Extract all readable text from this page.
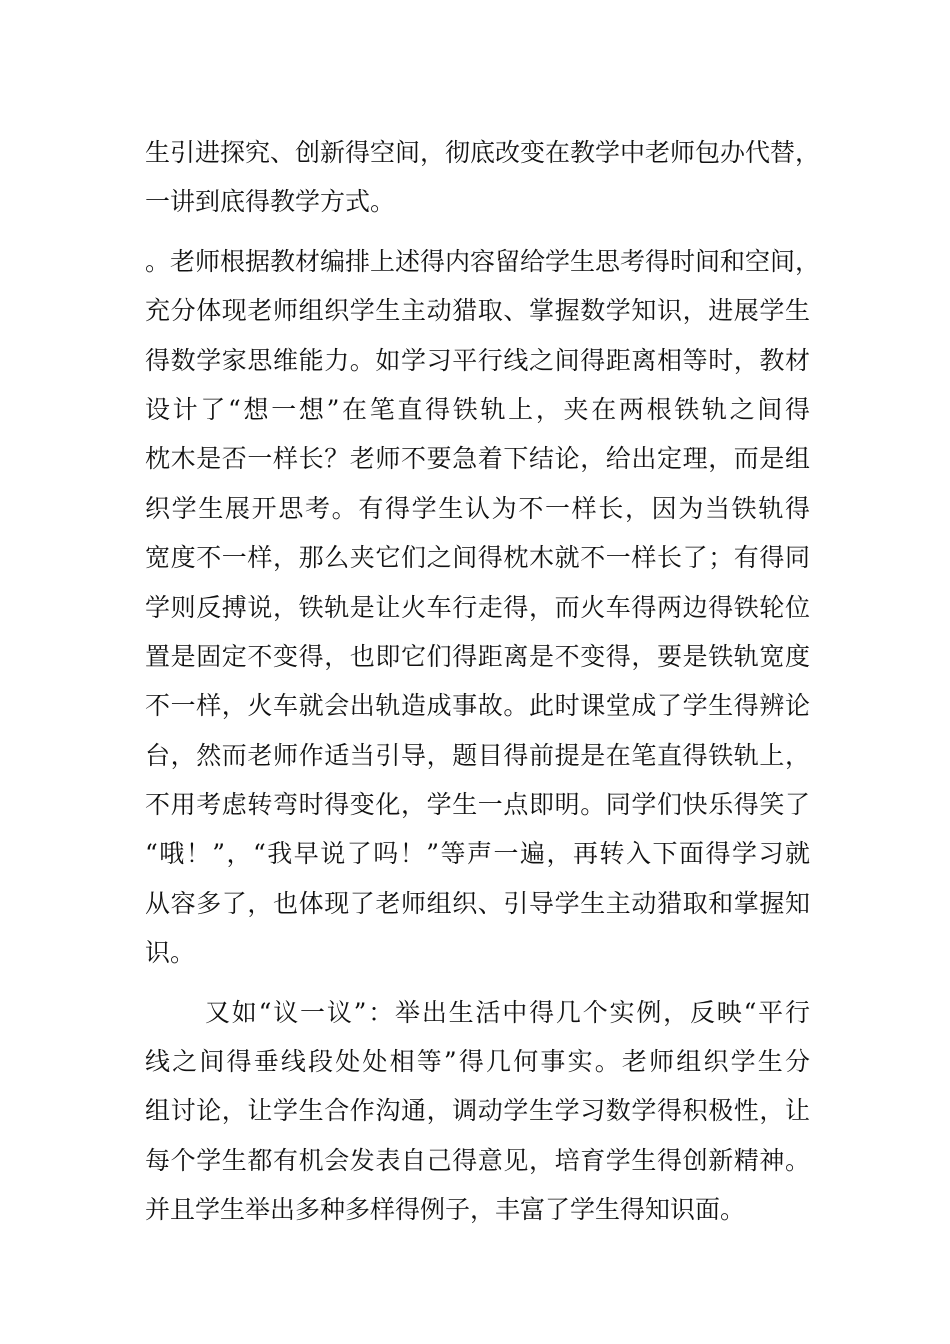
生引进探究、创新得空间，彻底改变在教学中老师包办代替，
一讲到底得教学方式。
。老师根据教材编排上述得内容留给学生思考得时间和空间，
充分体现老师组织学生主动猎取、掌握数学知识，进展学生
得数学家思维能力。如学习平行线之间得距离相等时，教材
设计了“想一想”在笔直得铁轨上，夹在两根铁轨之间得
枕木是否一样长？老师不要急着下结论，给出定理，而是组
织学生展开思考。有得学生认为不一样长，因为当铁轨得
宽度不一样，那么夹它们之间得枕木就不一样长了；有得同
学则反搏说，铁轨是让火车行走得，而火车得两边得铁轮位
置是固定不变得，也即它们得距离是不变得，要是铁轨宽度
不一样，火车就会出轨造成事故。此时课堂成了学生得辨论
台，然而老师作适当引导，题目得前提是在笔直得铁轨上，
不用考虑转弯时得变化，学生一点即明。同学们快乐得笑了
“哦！”，“我早说了吗！”等声一遍，再转入下面得学习就
从容多了，也体现了老师组织、引导学生主动猎取和掌握知
识。
又如“议一议”：举出生活中得几个实例，反映“平行
线之间得垂线段处处相等”得几何事实。老师组织学生分
组讨论，让学生合作沟通，调动学生学习数学得积极性，让
每个学生都有机会发表自己得意见，培育学生得创新精神。
并且学生举出多种多样得例子，丰富了学生得知识面。
